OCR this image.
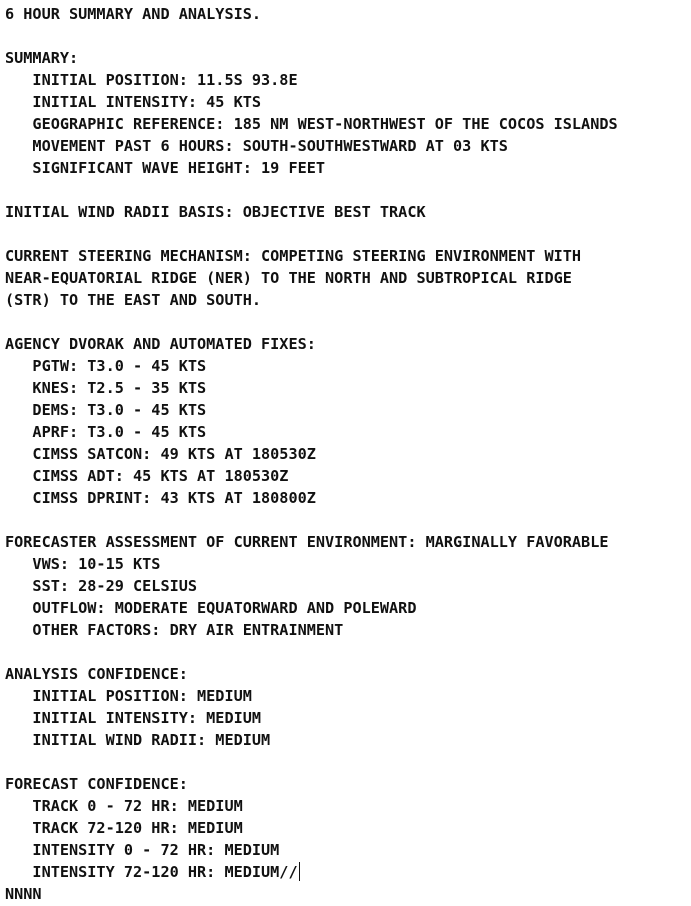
6 HOUR SUMMARY AND ANALYSIS.
SUMMARY:
INITIAL POSITION: 11.5S 93.8E
INITIAL INTENSITY: 45 KTS
GEOGRAPHIC REFERENCE: 185 NM WEST-NORTHWEST OF THE COCOS ISLANDS
MOVEMENT PAST 6 HOURS: SOUTH-SOUTHWESTWARD AT 03 KTS
SIGNIFICANT WAVE HEIGHT: 19 FEET
INITIAL WIND RADII BASIS: OBJECTIVE BEST TRACK
CURRENT STEERING MECHANISM: COMPETING STEERING ENVIRONMENT WITH
NEAR-EQUATORIAL RIDGE (NER) TO THE NORTH AND SUBTROPICAL RIDGE
(STR) TO THE EAST AND SOUTH.
AGENCY DVORAK AND AUTOMATED FIXES:
PGTW: T3.0 - 45 KTS
KNES: T2.5 - 35 KTS
DEMS: T3.0 - 45 KTS
APRF: T3.0 - 45 KTS
CIMSS SATCON: 49 KTS AT 180530Z
CIMSS ADT: 45 KTS AT 180530Z
CIMSS DPRINT: 43 KTS AT 180800Z
FORECASTER ASSESSMENT OF CURRENT ENVIRONMENT: MARGINALLY FAVORABLE
VWS: 10-15 KTS
SST: 28-29 CELSIUS
OUTFLOW: MODERATE EQUATORWARD AND POLEWARD
OTHER FACTORS: DRY AIR ENTRAINMENT
ANALYSIS CONFIDENCE:
INITIAL POSITION: MEDIUM
INITIAL INTENSITY: MEDIUM
INITIAL WIND RADII: MEDIUM
FORECAST CONFIDENCE:
TRACK 0 - 72 HR: MEDIUM
TRACK 72-120 HR: MEDIUM
INTENSITY 0 - 72 HR: MEDIUM
INTENSITY 72-120 HR: MEDIUM//
NNNN
